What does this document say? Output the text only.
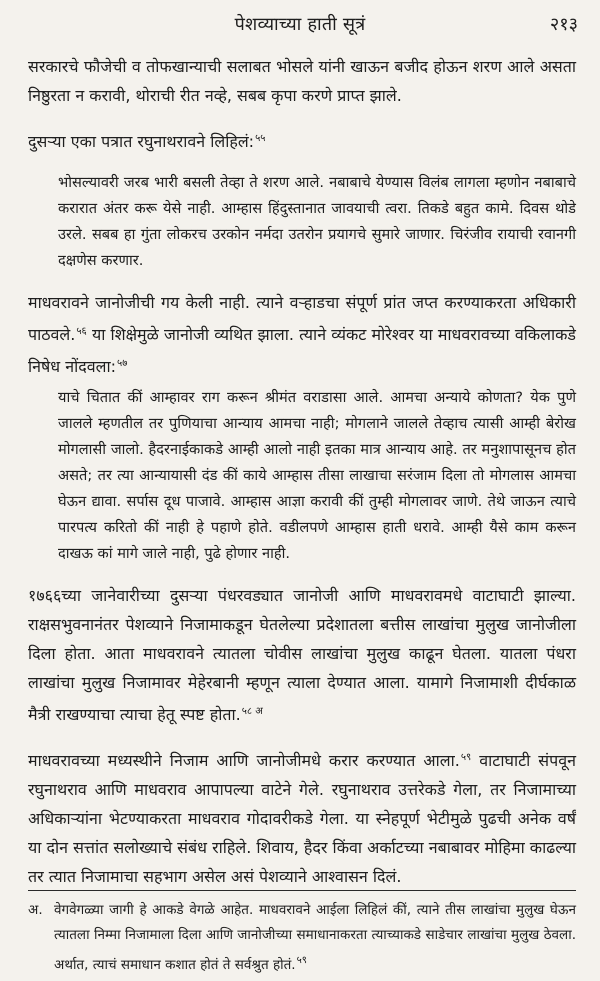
पेशव्याच्या हाती सूत्रं	२१३

सरकारचे फौजेची व तोफखान्याची सलाबत भोसले यांनी खाऊन बजीद होऊन शरण आले असता निष्ठुरता न करावी, थोराची रीत नव्हे, सबब कृपा करणे प्राप्त झाले.

दुसऱ्या एका पत्रात रघुनाथरावने लिहिलं:$^{५५}$

भोसल्यावरी जरब भारी बसली तेव्हा ते शरण आले. नबाबाचे येण्यास विलंब लागला म्हणोन नबाबाचे करारात अंतर करू येसे नाही. आम्हास हिंदुस्तानात जावयाची त्वरा. तिकडे बहुत कामे. दिवस थोडे उरले. सबब हा गुंता लोकरच उरकोन नर्मदा उतरोन प्रयागचे सुमारे जाणार. चिरंजीव रायाची रवानगी दक्षणेस करणार.

माधवरावने जानोजीची गय केली नाही. त्याने वऱ्हाडचा संपूर्ण प्रांत जप्त करण्याकरता अधिकारी पाठवले.$^{५६}$ या शिक्षेमुळे जानोजी व्यथित झाला. त्याने व्यंकट मोरेश्वर या माधवरावच्या वकिलाकडे निषेध नोंदवला:$^{५७}$

याचे चितात कीं आम्हावर राग करून श्रीमंत वराडासा आले. आमचा अन्याये कोणता? येक पुणे जालले म्हणतील तर पुणियाचा आन्याय आमचा नाही; मोगलाने जालले तेव्हाच त्यासी आम्ही बेरोख मोगलासी जालो. हैदरनाईकाकडे आम्ही आलो नाही इतका मात्र आन्याय आहे. तर मनुशापासूनच होत असते; तर त्या आन्यायासी दंड कीं काये आम्हास तीसा लाखाचा सरंजाम दिला तो मोगलास आमचा घेऊन द्यावा. सर्पास दूध पाजावे. आम्हास आज्ञा करावी कीं तुम्ही मोगलावर जाणे. तेथे जाऊन त्याचे पारपत्य करितो कीं नाही हे पहाणे होते. वडीलपणे आम्हास हाती धरावे. आम्ही यैसे काम करून दाखऊ कां मागे जाले नाही, पुढे होणार नाही.

१७६६च्या जानेवारीच्या दुसऱ्या पंधरवड्यात जानोजी आणि माधवरावमधे वाटाघाटी झाल्या. राक्षसभुवनानंतर पेशव्याने निजामाकडून घेतलेल्या प्रदेशातला बत्तीस लाखांचा मुलुख जानोजीला दिला होता. आता माधवरावने त्यातला चोवीस लाखांचा मुलुख काढून घेतला. यातला पंधरा लाखांचा मुलुख निजामावर मेहेरबानी म्हणून त्याला देण्यात आला. यामागे निजामाशी दीर्घकाळ मैत्री राखण्याचा त्याचा हेतू स्पष्ट होता.$^{५८ अ}$

माधवरावच्या मध्यस्थीने निजाम आणि जानोजीमधे करार करण्यात आला.$^{५९}$ वाटाघाटी संपवून रघुनाथराव आणि माधवराव आपापल्या वाटेने गेले. रघुनाथराव उत्तरेकडे गेला, तर निजामाच्या अधिकाऱ्यांना भेटण्याकरता माधवराव गोदावरीकडे गेला. या स्नेहपूर्ण भेटीमुळे पुढची अनेक वर्षं या दोन सत्तांत सलोख्याचे संबंध राहिले. शिवाय, हैदर किंवा अर्काटच्या नबाबावर मोहिमा काढल्या तर त्यात निजामाचा सहभाग असेल असं पेशव्याने आश्वासन दिलं.

अ. वेगवेगळ्या जागी हे आकडे वेगळे आहेत. माधवरावने आईला लिहिलं कीं, त्याने तीस लाखांचा मुलुख घेऊन त्यातला निम्मा निजामाला दिला आणि जानोजीच्या समाधानाकरता त्याच्याकडे साडेचार लाखांचा मुलुख ठेवला. अर्थात, त्याचं समाधान कशात होतं ते सर्वश्रुत होतं.$^{५९}$
